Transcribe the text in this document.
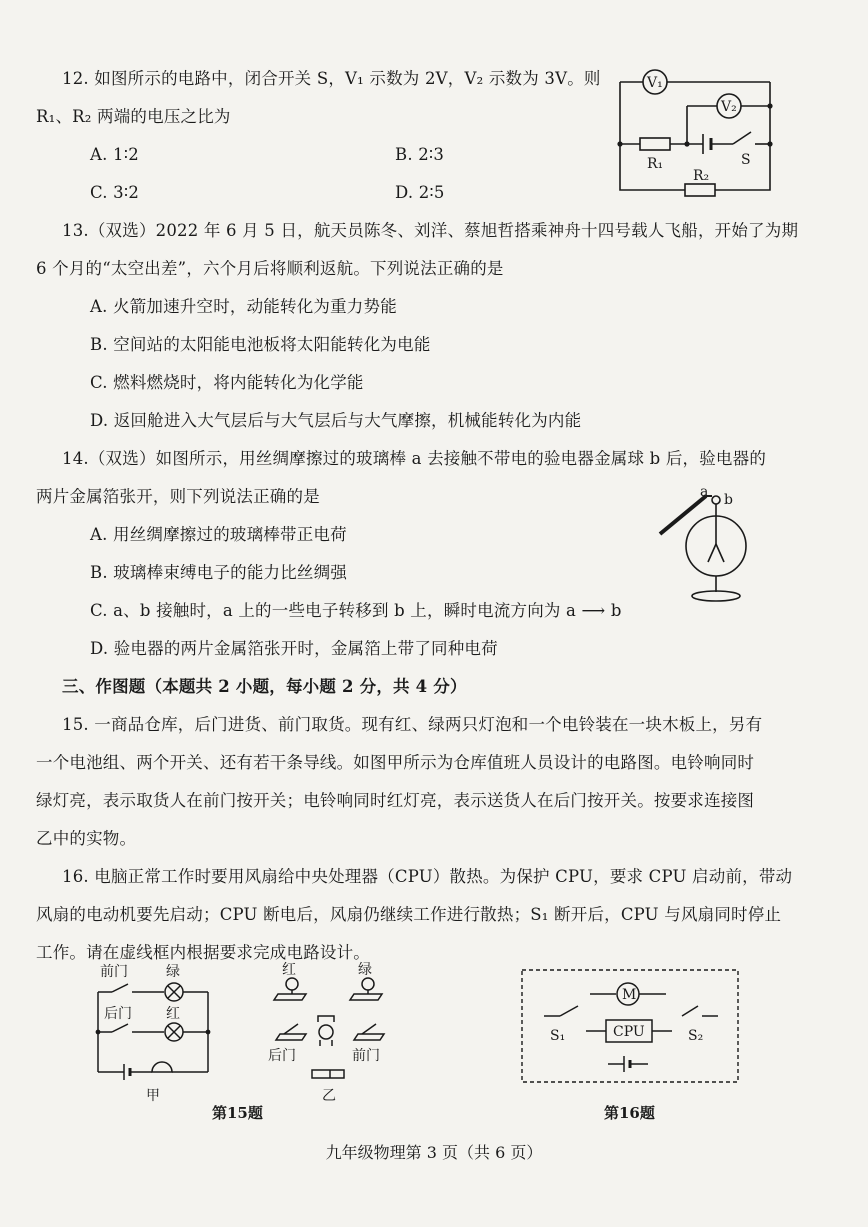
12. 如图所示的电路中，闭合开关 S，V₁ 示数为 2V，V₂ 示数为 3V。则
R₁、R₂ 两端的电压之比为
A. 1∶2	B. 2∶3
C. 3∶2	D. 2∶5
V₁
V₂
R₁	S
R₂
13.（双选）2022 年 6 月 5 日，航天员陈冬、刘洋、蔡旭哲搭乘神舟十四号载人飞船，开始了为期
6 个月的“太空出差”，六个月后将顺利返航。下列说法正确的是
A. 火箭加速升空时，动能转化为重力势能
B. 空间站的太阳能电池板将太阳能转化为电能
C. 燃料燃烧时，将内能转化为化学能
D. 返回舱进入大气层后与大气层后与大气摩擦，机械能转化为内能
14.（双选）如图所示，用丝绸摩擦过的玻璃棒 a 去接触不带电的验电器金属球 b 后，验电器的
两片金属箔张开，则下列说法正确的是
A. 用丝绸摩擦过的玻璃棒带正电荷
B. 玻璃棒束缚电子的能力比丝绸强
C. a、b 接触时，a 上的一些电子转移到 b 上，瞬时电流方向为 a ⟶ b
D. 验电器的两片金属箔张开时，金属箔上带了同种电荷
a b
三、作图题（本题共 2 小题，每小题 2 分，共 4 分）
15. 一商品仓库，后门进货、前门取货。现有红、绿两只灯泡和一个电铃装在一块木板上，另有
一个电池组、两个开关、还有若干条导线。如图甲所示为仓库值班人员设计的电路图。电铃响同时
绿灯亮，表示取货人在前门按开关；电铃响同时红灯亮，表示送货人在后门按开关。按要求连接图
乙中的实物。
16. 电脑正常工作时要用风扇给中央处理器（CPU）散热。为保护 CPU，要求 CPU 启动前，带动
风扇的电动机要先启动；CPU 断电后，风扇仍继续工作进行散热；S₁ 断开后，CPU 与风扇同时停止
工作。请在虚线框内根据要求完成电路设计。
前门	绿
后门 红
甲
红	绿
后门	前门
乙
第15题
M
S₁	CPU	S₂
第16题
九年级物理第 3 页（共 6 页）
